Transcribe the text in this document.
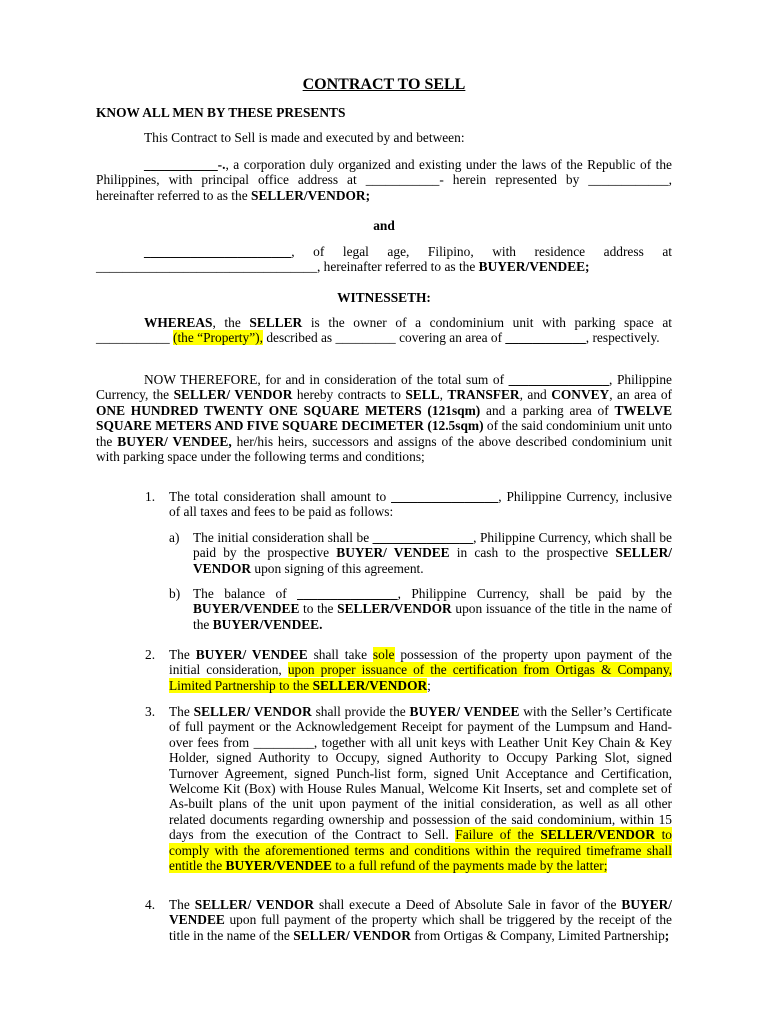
CONTRACT TO SELL
KNOW ALL MEN BY THESE PRESENTS
This Contract to Sell is made and executed by and between:
___________-., a corporation duly organized and existing under the laws of the Republic of the Philippines, with principal office address at ___________- herein represented by ____________, hereinafter referred to as the SELLER/VENDOR;
and
______________________, of legal age, Filipino, with residence address at _________________________________, hereinafter referred to as the BUYER/VENDEE;
WITNESSETH:
WHEREAS, the SELLER is the owner of a condominium unit with parking space at ___________ (the “Property”), described as _________ covering an area of ____________, respectively.
NOW THEREFORE, for and in consideration of the total sum of _______________, Philippine Currency, the SELLER/ VENDOR hereby contracts to SELL, TRANSFER, and CONVEY, an area of ONE HUNDRED TWENTY ONE SQUARE METERS (121sqm) and a parking area of TWELVE SQUARE METERS AND FIVE SQUARE DECIMETER (12.5sqm) of the said condominium unit unto the BUYER/ VENDEE, her/his heirs, successors and assigns of the above described condominium unit with parking space under the following terms and conditions;
1.	The total consideration shall amount to ________________, Philippine Currency, inclusive of all taxes and fees to be paid as follows:
a)	The initial consideration shall be _______________, Philippine Currency, which shall be paid by the prospective BUYER/ VENDEE in cash to the prospective SELLER/ VENDOR upon signing of this agreement.
b) The balance of _______________, Philippine Currency, shall be paid by the BUYER/VENDEE to the SELLER/VENDOR upon issuance of the title in the name of the BUYER/VENDEE.
2.	The BUYER/ VENDEE shall take sole possession of the property upon payment of the initial consideration, upon proper issuance of the certification from Ortigas & Company, Limited Partnership to the SELLER/VENDOR;
3.	The SELLER/ VENDOR shall provide the BUYER/ VENDEE with the Seller’s Certificate of full payment or the Acknowledgement Receipt for payment of the Lumpsum and Hand-over fees from _________, together with all unit keys with Leather Unit Key Chain & Key Holder, signed Authority to Occupy, signed Authority to Occupy Parking Slot, signed Turnover Agreement, signed Punch-list form, signed Unit Acceptance and Certification, Welcome Kit (Box) with House Rules Manual, Welcome Kit Inserts, set and complete set of As-built plans of the unit upon payment of the initial consideration, as well as all other related documents regarding ownership and possession of the said condominium, within 15 days from the execution of the Contract to Sell. Failure of the SELLER/VENDOR to comply with the aforementioned terms and conditions within the required timeframe shall entitle the BUYER/VENDEE to a full refund of the payments made by the latter;
4.	The SELLER/ VENDOR shall execute a Deed of Absolute Sale in favor of the BUYER/ VENDEE upon full payment of the property which shall be triggered by the receipt of the title in the name of the SELLER/ VENDOR from Ortigas & Company, Limited Partnership;
